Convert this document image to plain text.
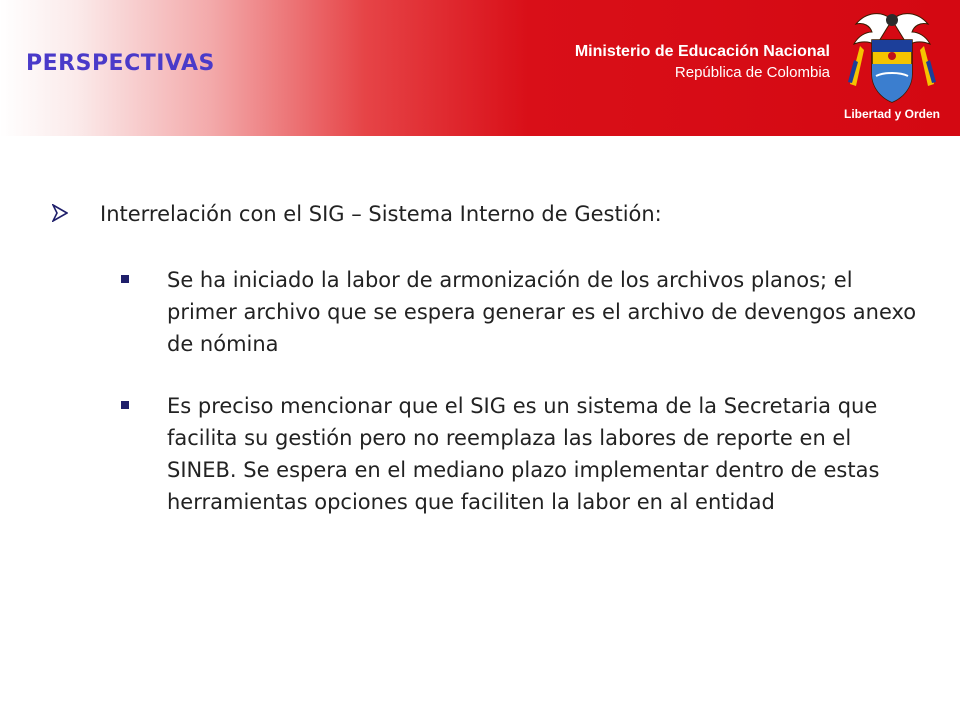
PERSPECTIVAS	Ministerio de Educación Nacional
República de Colombia
Libertad y Orden
Interrelación con el SIG – Sistema Interno de Gestión:
Se ha iniciado la labor de armonización de los archivos planos; el primer archivo que se espera generar es el archivo de devengos anexo de nómina
Es preciso mencionar que el SIG es un sistema de la Secretaria que facilita su gestión pero no reemplaza las labores de reporte en el SINEB. Se espera en el mediano plazo implementar dentro de estas herramientas opciones que faciliten la labor en al entidad
